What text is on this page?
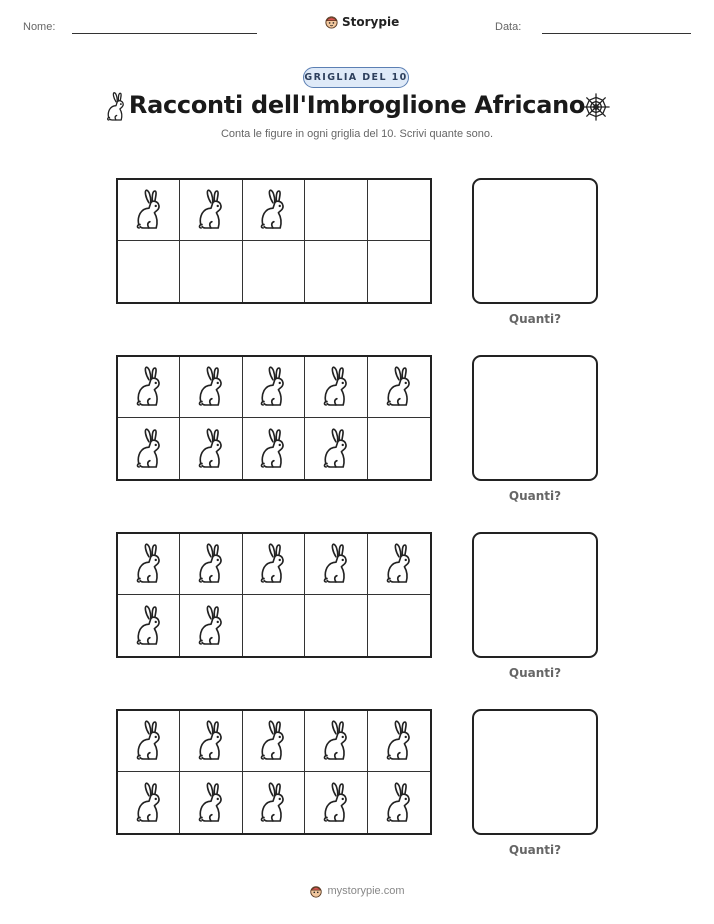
Nome:	Storypie	Data:
GRIGLIA DEL 10
Racconti dell'Imbroglione Africano
Conta le figure in ogni griglia del 10. Scrivi quante sono.
Quanti?
Quanti?
Quanti?
Quanti?
mystorypie.com
